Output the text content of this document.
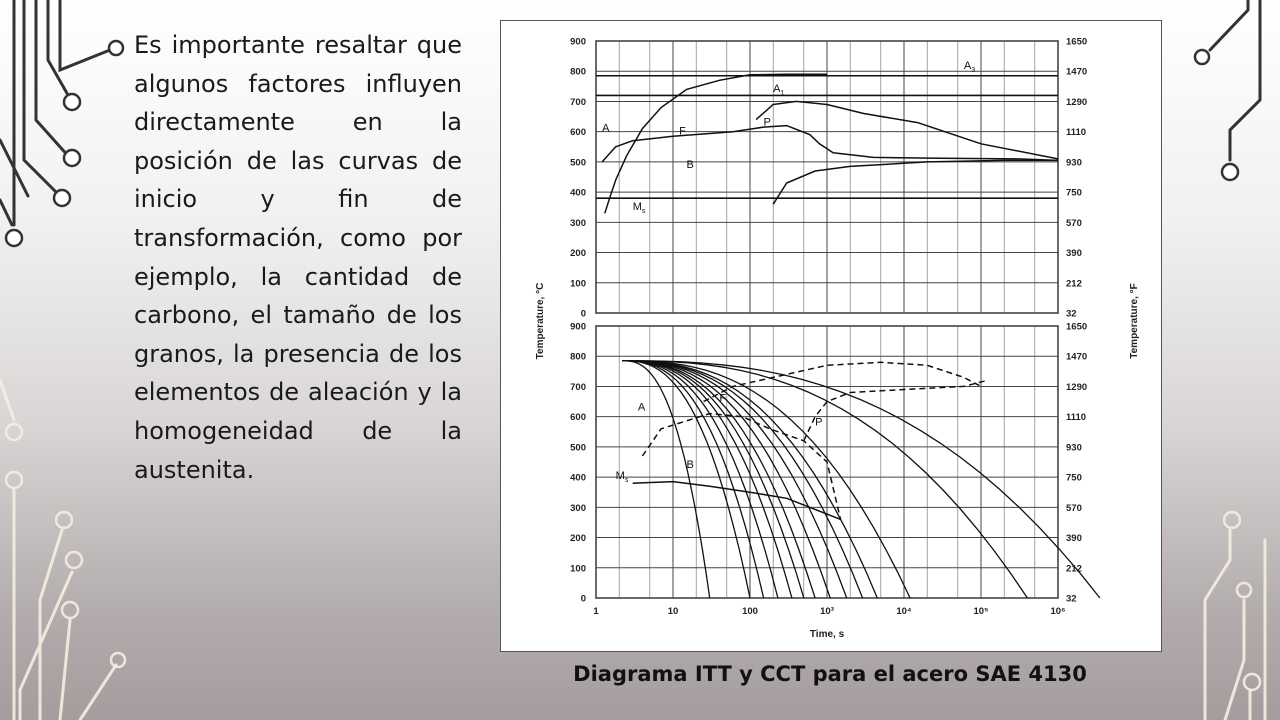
Es importante resaltar que algunos factores influyen directamente en la posición de las curvas de inicio y fin de transformación, como por ejemplo, la cantidad de carbono, el tamaño de los granos, la presencia de los elementos de aleación y la homogeneidad de la austenita.
0	32
100	212
200	390
300	570
400	750
500	930
600	1110
700	1290
800	1470
900	1650
$A_3$
$A_1$
$M_s$
A	F
P
B
0	32
100	212
200	390
300	570
400	750
500	930
600	1110
700	1290
800	1470
900	1650
1	10	100	10³	10⁴	10⁵	10⁶
Time, s
Temperature, °C	Temperature, °F
A
F
P
B
$M_s$
Diagrama ITT y CCT para el acero SAE 4130
